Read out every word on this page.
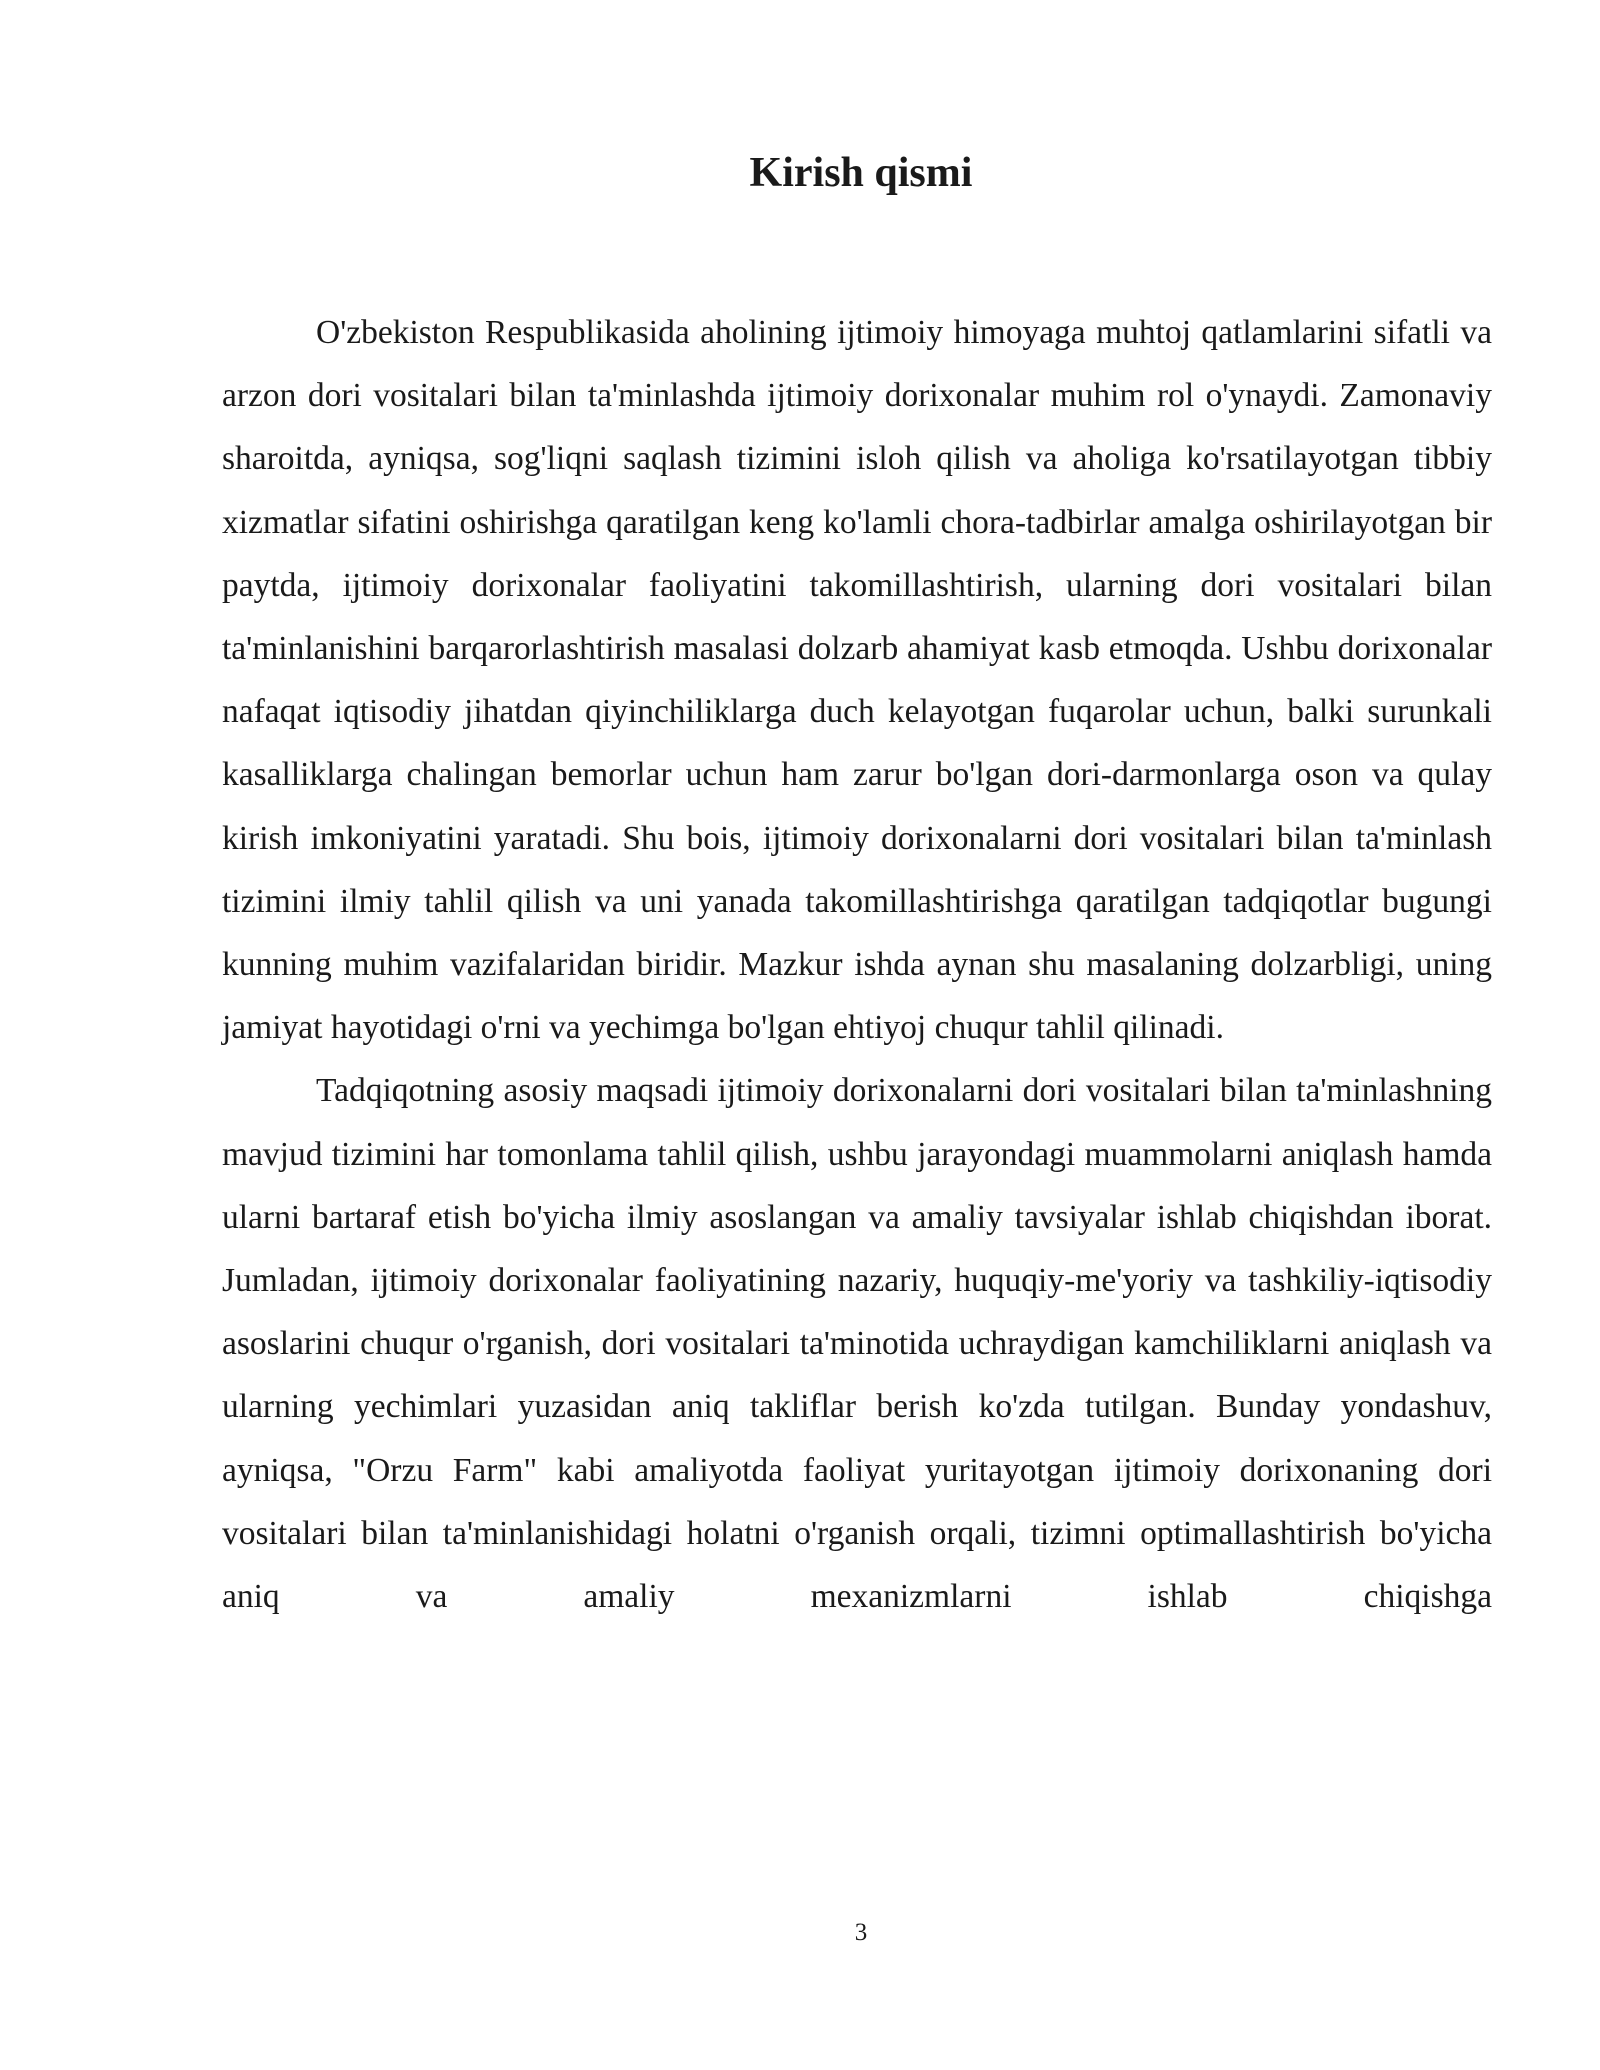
Kirish qismi

O'zbekiston Respublikasida aholining ijtimoiy himoyaga muhtoj qatlamlarini sifatli va arzon dori vositalari bilan ta'minlashda ijtimoiy dorixonalar muhim rol o'ynaydi. Zamonaviy sharoitda, ayniqsa, sog'liqni saqlash tizimini isloh qilish va aholiga ko'rsatilayotgan tibbiy xizmatlar sifatini oshirishga qaratilgan keng ko'lamli chora-tadbirlar amalga oshirilayotgan bir paytda, ijtimoiy dorixonalar faoliyatini takomillashtirish, ularning dori vositalari bilan ta'minlanishini barqarorlashtirish masalasi dolzarb ahamiyat kasb etmoqda. Ushbu dorixonalar nafaqat iqtisodiy jihatdan qiyinchiliklarga duch kelayotgan fuqarolar uchun, balki surunkali kasalliklarga chalingan bemorlar uchun ham zarur bo'lgan dori-darmonlarga oson va qulay kirish imkoniyatini yaratadi. Shu bois, ijtimoiy dorixonalarni dori vositalari bilan ta'minlash tizimini ilmiy tahlil qilish va uni yanada takomillashtirishga qaratilgan tadqiqotlar bugungi kunning muhim vazifalaridan biridir. Mazkur ishda aynan shu masalaning dolzarbligi, uning jamiyat hayotidagi o'rni va yechimga bo'lgan ehtiyoj chuqur tahlil qilinadi.

Tadqiqotning asosiy maqsadi ijtimoiy dorixonalarni dori vositalari bilan ta'minlashning mavjud tizimini har tomonlama tahlil qilish, ushbu jarayondagi muammolarni aniqlash hamda ularni bartaraf etish bo'yicha ilmiy asoslangan va amaliy tavsiyalar ishlab chiqishdan iborat. Jumladan, ijtimoiy dorixonalar faoliyatining nazariy, huquqiy-me'yoriy va tashkiliy-iqtisodiy asoslarini chuqur o'rganish, dori vositalari ta'minotida uchraydigan kamchiliklarni aniqlash va ularning yechimlari yuzasidan aniq takliflar berish ko'zda tutilgan. Bunday yondashuv, ayniqsa, "Orzu Farm" kabi amaliyotda faoliyat yuritayotgan ijtimoiy dorixonaning dori vositalari bilan ta'minlanishidagi holatni o'rganish orqali, tizimni optimallashtirish bo'yicha aniq va amaliy mexanizmlarni ishlab chiqishga

3
